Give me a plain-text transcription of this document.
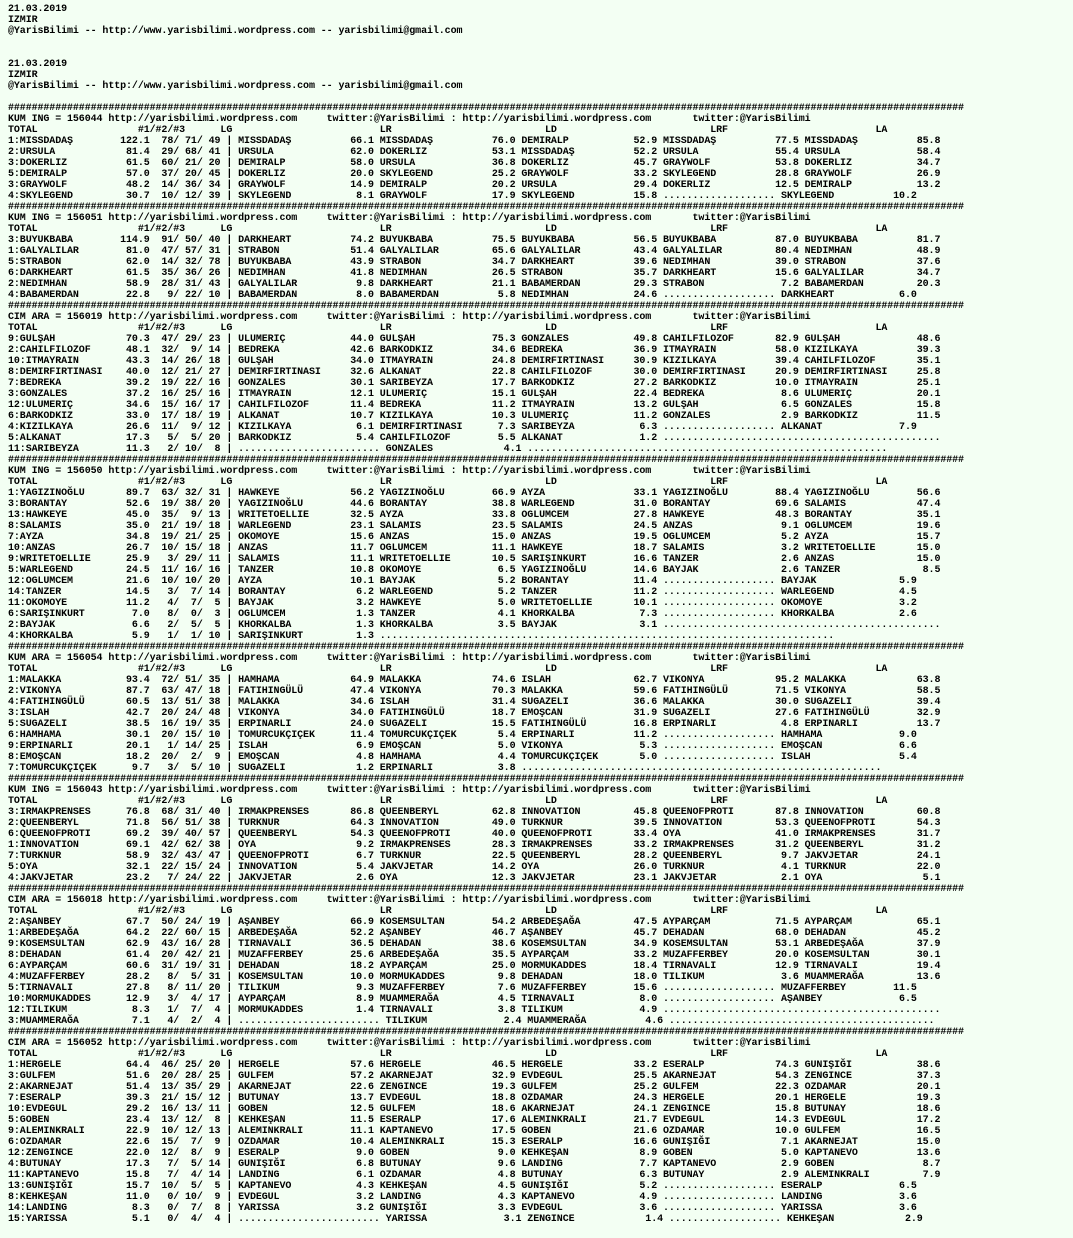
21.03.2019
IZMIR
@YarisBilimi -- http://www.yarisbilimi.wordpress.com -- yarisbilimi@gmail.com
21.03.2019
IZMIR
@YarisBilimi -- http://www.yarisbilimi.wordpress.com -- yarisbilimi@gmail.com
##################################################################################################################################################################
KUM ING = 156044 http://yarisbilimi.wordpress.com     twitter:@YarisBilimi : http://yarisbilimi.wordpress.com       twitter:@YarisBilimi
TOTAL                 #1/#2/#3      LG                         LR                          LD                          LRF                         LA
1:MISSDADAŞ        122.1  78/ 71/ 49 | MISSDADAŞ          66.1 MISSDADAŞ          76.0 DEMIRALP           52.9 MISSDADAŞ          77.5 MISSDADAŞ          85.8
2:URSULA            81.4  29/ 68/ 41 | URSULA             62.0 DOKERLIZ           53.1 MISSDADAŞ          52.2 URSULA             55.4 URSULA             58.4
3:DOKERLIZ          61.5  60/ 21/ 20 | DEMIRALP           58.0 URSULA             36.8 DOKERLIZ           45.7 GRAYWOLF           53.8 DOKERLIZ           34.7
5:DEMIRALP          57.0  37/ 20/ 45 | DOKERLIZ           20.0 SKYLEGEND          25.2 GRAYWOLF           33.2 SKYLEGEND          28.8 GRAYWOLF           26.9
3:GRAYWOLF          48.2  14/ 36/ 34 | GRAYWOLF           14.9 DEMIRALP           20.2 URSULA             29.4 DOKERLIZ           12.5 DEMIRALP           13.2
4:SKYLEGEND         30.7  10/ 12/ 39 | SKYLEGEND           8.1 GRAYWOLF           17.9 SKYLEGEND          15.8 ................... SKYLEGEND          10.2
##################################################################################################################################################################
KUM ING = 156051 http://yarisbilimi.wordpress.com     twitter:@YarisBilimi : http://yarisbilimi.wordpress.com       twitter:@YarisBilimi
TOTAL                 #1/#2/#3      LG                         LR                          LD                          LRF                         LA
3:BUYUKBABA        114.9  91/ 50/ 40 | DARKHEART          74.2 BUYUKBABA          75.5 BUYUKBABA          56.5 BUYUKBABA          87.0 BUYUKBABA          81.7
1:GALYALILAR        81.0  47/ 57/ 31 | STRABON            51.4 GALYALILAR         65.6 GALYALILAR         43.4 GALYALILAR         80.4 NEDIMHAN           48.9
5:STRABON           62.0  14/ 32/ 78 | BUYUKBABA          43.9 STRABON            34.7 DARKHEART          39.6 NEDIMHAN           39.0 STRABON            37.6
6:DARKHEART         61.5  35/ 36/ 26 | NEDIMHAN           41.8 NEDIMHAN           26.5 STRABON            35.7 DARKHEART          15.6 GALYALILAR         34.7
2:NEDIMHAN          58.9  28/ 31/ 43 | GALYALILAR          9.8 DARKHEART          21.1 BABAMERDAN         29.3 STRABON             7.2 BABAMERDAN         20.3
4:BABAMERDAN        22.8   9/ 22/ 10 | BABAMERDAN          8.0 BABAMERDAN          5.8 NEDIMHAN           24.6 ................... DARKHEART           6.0
##################################################################################################################################################################
CIM ARA = 156019 http://yarisbilimi.wordpress.com     twitter:@YarisBilimi : http://yarisbilimi.wordpress.com       twitter:@YarisBilimi
TOTAL                 #1/#2/#3      LG                         LR                          LD                          LRF                         LA
9:GULŞAH            70.3  47/ 29/ 23 | ULUMERIÇ           44.0 GULŞAH             75.3 GONZALES           49.8 CAHILFILOZOF       82.9 GULŞAH             48.6
2:CAHILFILOZOF      48.1  32/  9/ 14 | BEDREKA            42.6 BARKODKIZ          34.6 BEDREKA            36.9 ITMAYRAIN          58.0 KIZILKAYA          39.3
10:ITMAYRAIN        43.3  14/ 26/ 18 | GULŞAH             34.0 ITMAYRAIN          24.8 DEMIRFIRTINASI     30.9 KIZILKAYA          39.4 CAHILFILOZOF       35.1
8:DEMIRFIRTINASI    40.0  12/ 21/ 27 | DEMIRFIRTINASI     32.6 ALKANAT            22.8 CAHILFILOZOF       30.0 DEMIRFIRTINASI     20.9 DEMIRFIRTINASI     25.8
7:BEDREKA           39.2  19/ 22/ 16 | GONZALES           30.1 SARIBEYZA          17.7 BARKODKIZ          27.2 BARKODKIZ          10.0 ITMAYRAIN          25.1
3:GONZALES          37.2  16/ 25/ 16 | ITMAYRAIN          12.1 ULUMERIÇ           15.1 GULŞAH             22.4 BEDREKA             8.6 ULUMERIÇ           20.1
12:ULUMERIÇ         34.6  15/ 16/ 17 | CAHILFILOZOF       11.4 BEDREKA            11.2 ITMAYRAIN          13.2 GULŞAH              6.5 GONZALES           15.8
6:BARKODKIZ         33.0  17/ 18/ 19 | ALKANAT            10.7 KIZILKAYA          10.3 ULUMERIÇ           11.2 GONZALES            2.9 BARKODKIZ          11.5
4:KIZILKAYA         26.6  11/  9/ 12 | KIZILKAYA           6.1 DEMIRFIRTINASI      7.3 SARIBEYZA           6.3 ................... ALKANAT             7.9
5:ALKANAT           17.3   5/  5/ 20 | BARKODKIZ           5.4 CAHILFILOZOF        5.5 ALKANAT             1.2 ...............................................
11:SARIBEYZA        11.3   2/ 10/  8 | ........................ GONZALES            4.1 .............................................................
##################################################################################################################################################################
KUM ING = 156050 http://yarisbilimi.wordpress.com     twitter:@YarisBilimi : http://yarisbilimi.wordpress.com       twitter:@YarisBilimi
TOTAL                 #1/#2/#3      LG                         LR                          LD                          LRF                         LA
1:YAGIZINOĞLU       89.7  63/ 32/ 31 | HAWKEYE            56.2 YAGIZINOĞLU        66.9 AYZA               33.1 YAGIZINOĞLU        88.4 YAGIZINOĞLU        56.6
3:BORANTAY          52.6  19/ 38/ 20 | YAGIZINOĞLU        44.6 BORANTAY           38.8 WARLEGEND          31.0 BORANTAY           69.6 SALAMIS            47.4
13:HAWKEYE          45.0  35/  9/ 13 | WRITETOELLIE       32.5 AYZA               33.8 OGLUMCEM           27.8 HAWKEYE            48.3 BORANTAY           35.1
8:SALAMIS           35.0  21/ 19/ 18 | WARLEGEND          23.1 SALAMIS            23.5 SALAMIS            24.5 ANZAS               9.1 OGLUMCEM           19.6
7:AYZA              34.8  19/ 21/ 25 | OKOMOYE            15.6 ANZAS              15.0 ANZAS              19.5 OGLUMCEM            5.2 AYZA               15.7
10:ANZAS            26.7  10/ 15/ 18 | ANZAS              11.7 OGLUMCEM           11.1 HAWKEYE            18.7 SALAMIS             3.2 WRITETOELLIE       15.0
9:WRITETOELLIE      25.9   3/ 29/ 11 | SALAMIS            11.1 WRITETOELLIE       10.5 SARIŞINKURT        16.6 TANZER              2.6 ANZAS              15.0
5:WARLEGEND         24.5  11/ 16/ 16 | TANZER             10.8 OKOMOYE             6.5 YAGIZINOĞLU        14.6 BAYJAK              2.6 TANZER              8.5
12:OGLUMCEM         21.6  10/ 10/ 20 | AYZA               10.1 BAYJAK              5.2 BORANTAY           11.4 ................... BAYJAK              5.9
14:TANZER           14.5   3/  7/ 14 | BORANTAY            6.2 WARLEGEND           5.2 TANZER             11.2 ................... WARLEGEND           4.5
11:OKOMOYE          11.2   4/  7/  5 | BAYJAK              3.2 HAWKEYE             5.0 WRITETOELLIE       10.1 ................... OKOMOYE             3.2
6:SARIŞINKURT        7.0   8/  0/  3 | OGLUMCEM            1.3 TANZER              4.1 KHORKALBA           7.3 ................... KHORKALBA           2.6
2:BAYJAK             6.6   2/  5/  5 | KHORKALBA           1.3 KHORKALBA           3.5 BAYJAK              3.1 ...............................................
4:KHORKALBA          5.9   1/  1/ 10 | SARIŞINKURT         1.3 .............................................................................
##################################################################################################################################################################
KUM ARA = 156054 http://yarisbilimi.wordpress.com     twitter:@YarisBilimi : http://yarisbilimi.wordpress.com       twitter:@YarisBilimi
TOTAL                 #1/#2/#3      LG                         LR                          LD                          LRF                         LA
1:MALAKKA           93.4  72/ 51/ 35 | HAMHAMA            64.9 MALAKKA            74.6 ISLAH              62.7 VIKONYA            95.2 MALAKKA            63.8
2:VIKONYA           87.7  63/ 47/ 18 | FATIHINGÜLÜ        47.4 VIKONYA            70.3 MALAKKA            59.6 FATIHINGÜLÜ        71.5 VIKONYA            58.5
4:FATIHINGÜLÜ       60.5  13/ 51/ 38 | MALAKKA            34.6 ISLAH              31.4 SUGAZELI           36.6 MALAKKA            30.0 SUGAZELI           39.4
3:ISLAH             42.7  20/ 24/ 48 | VIKONYA            34.0 FATIHINGÜLÜ        18.7 EMOŞCAN            31.9 SUGAZELI           27.6 FATIHINGÜLÜ        32.9
5:SUGAZELI          38.5  16/ 19/ 35 | ERPINARLI          24.0 SUGAZELI           15.5 FATIHINGÜLÜ        16.8 ERPINARLI           4.8 ERPINARLI          13.7
6:HAMHAMA           30.1  20/ 15/ 10 | TOMURCUKÇIÇEK      11.4 TOMURCUKÇIÇEK       5.4 ERPINARLI          11.2 ................... HAMHAMA             9.0
9:ERPINARLI         20.1   1/ 14/ 25 | ISLAH               6.9 EMOŞCAN             5.0 VIKONYA             5.3 ................... EMOŞCAN             6.6
8:EMOŞCAN           18.2  20/  2/  9 | EMOŞCAN             4.8 HAMHAMA             4.4 TOMURCUKÇIÇEK       5.0 ................... ISLAH               5.4
7:TOMURCUKÇIÇEK      9.7   3/  5/ 10 | SUGAZELI            1.2 ERPINARLI           3.8 .............................................................
##################################################################################################################################################################
KUM ING = 156043 http://yarisbilimi.wordpress.com     twitter:@YarisBilimi : http://yarisbilimi.wordpress.com       twitter:@YarisBilimi
TOTAL                 #1/#2/#3      LG                         LR                          LD                          LRF                         LA
3:IRMAKPRENSES      76.8  68/ 31/ 40 | IRMAKPRENSES       86.8 QUEENBERYL         62.8 INNOVATION         45.8 QUEENOFPROTI       87.8 INNOVATION         60.8
2:QUEENBERYL        71.8  56/ 51/ 38 | TURKNUR            64.3 INNOVATION         49.0 TURKNUR            39.5 INNOVATION         53.3 QUEENOFPROTI       54.3
6:QUEENOFPROTI      69.2  39/ 40/ 57 | QUEENBERYL         54.3 QUEENOFPROTI       40.0 QUEENOFPROTI       33.4 OYA                41.0 IRMAKPRENSES       31.7
1:INNOVATION        69.1  42/ 62/ 38 | OYA                 9.2 IRMAKPRENSES       28.3 IRMAKPRENSES       33.2 IRMAKPRENSES       31.2 QUEENBERYL         31.2
7:TURKNUR           58.9  32/ 43/ 47 | QUEENOFPROTI        6.7 TURKNUR            22.5 QUEENBERYL         28.2 QUEENBERYL          9.7 JAKVJETAR          24.1
5:OYA               32.1  22/ 15/ 24 | INNOVATION          5.4 JAKVJETAR          14.2 OYA                26.0 TURKNUR             4.1 TURKNUR            22.0
4:JAKVJETAR         23.2   7/ 24/ 22 | JAKVJETAR           2.6 OYA                12.3 JAKVJETAR          23.1 JAKVJETAR           2.1 OYA                 5.1
##################################################################################################################################################################
CIM ARA = 156018 http://yarisbilimi.wordpress.com     twitter:@YarisBilimi : http://yarisbilimi.wordpress.com       twitter:@YarisBilimi
TOTAL                 #1/#2/#3      LG                         LR                          LD                          LRF                         LA
2:AŞANBEY           67.7  50/ 24/ 19 | AŞANBEY            66.9 KOSEMSULTAN        54.2 ARBEDEŞAĞA         47.5 AYPARÇAM           71.5 AYPARÇAM           65.1
1:ARBEDEŞAĞA        64.2  22/ 60/ 15 | ARBEDEŞAĞA         52.2 AŞANBEY            46.7 AŞANBEY            45.7 DEHADAN            68.0 DEHADAN            45.2
9:KOSEMSULTAN       62.9  43/ 16/ 28 | TIRNAVALI          36.5 DEHADAN            38.6 KOSEMSULTAN        34.9 KOSEMSULTAN        53.1 ARBEDEŞAĞA         37.9
8:DEHADAN           61.4  20/ 42/ 21 | MUZAFFERBEY        25.6 ARBEDEŞAĞA         35.5 AYPARÇAM           33.2 MUZAFFERBEY        20.0 KOSEMSULTAN        30.1
6:AYPARÇAM          60.6  31/ 19/ 31 | DEHADAN            18.2 AYPARÇAM           25.0 MORMUKADDES        18.4 TIRNAVALI          12.9 TIRNAVALI          19.4
4:MUZAFFERBEY       28.2   8/  5/ 31 | KOSEMSULTAN        10.0 MORMUKADDES         9.8 DEHADAN            18.0 TILIKUM             3.6 MUAMMERAĞA         13.6
5:TIRNAVALI         27.8   8/ 11/ 20 | TILIKUM             9.3 MUZAFFERBEY         7.6 MUZAFFERBEY        15.6 ................... MUZAFFERBEY        11.5
10:MORMUKADDES      12.9   3/  4/ 17 | AYPARÇAM            8.9 MUAMMERAĞA          4.5 TIRNAVALI           8.0 ................... AŞANBEY             6.5
12:TILIKUM           8.3   1/  7/  4 | MORMUKADDES         1.4 TIRNAVALI           3.8 TILIKUM             4.9 ...............................................
3:MUAMMERAĞA         7.1   4/  2/  4 | ........................ TILIKUM             2.4 MUAMMERAĞA          4.6 .............................................
##################################################################################################################################################################
CIM ARA = 156052 http://yarisbilimi.wordpress.com     twitter:@YarisBilimi : http://yarisbilimi.wordpress.com       twitter:@YarisBilimi
TOTAL                 #1/#2/#3      LG                         LR                          LD                          LRF                         LA
1:HERGELE           64.4  46/ 25/ 20 | HERGELE            57.6 HERGELE            46.5 HERGELE            33.2 ESERALP            74.3 GUNIŞIĞI           38.6
3:GULFEM            51.6  20/ 28/ 25 | GULFEM             57.2 AKARNEJAT          32.9 EVDEGUL            25.5 AKARNEJAT          54.3 ZENGINCE           37.3
2:AKARNEJAT         51.4  13/ 35/ 29 | AKARNEJAT          22.6 ZENGINCE           19.3 GULFEM             25.2 GULFEM             22.3 OZDAMAR            20.1
7:ESERALP           39.3  21/ 15/ 12 | BUTUNAY            13.7 EVDEGUL            18.8 OZDAMAR            24.3 HERGELE            20.1 HERGELE            19.3
10:EVDEGUL          29.2  16/ 13/ 11 | GOBEN              12.5 GULFEM             18.6 AKARNEJAT          24.1 ZENGINCE           15.8 BUTUNAY            18.6
5:GOBEN             23.4  13/ 12/  8 | KEHKEŞAN           11.5 ESERALP            17.6 ALEMINKRALI        21.7 EVDEGUL            14.3 EVDEGUL            17.2
9:ALEMINKRALI       22.9  10/ 12/ 13 | ALEMINKRALI        11.1 KAPTANEVO          17.5 GOBEN              21.6 OZDAMAR            10.0 GULFEM             16.5
6:OZDAMAR           22.6  15/  7/  9 | OZDAMAR            10.4 ALEMINKRALI        15.3 ESERALP            16.6 GUNIŞIĞI            7.1 AKARNEJAT          15.0
12:ZENGINCE         22.0  12/  8/  9 | ESERALP             9.0 GOBEN               9.0 KEHKEŞAN            8.9 GOBEN               5.0 KAPTANEVO          13.6
4:BUTUNAY           17.3   7/  5/ 14 | GUNIŞIĞI            6.8 BUTUNAY             9.6 LANDING             7.7 KAPTANEVO           2.9 GOBEN               8.7
11:KAPTANEVO        15.8   7/  4/ 14 | LANDING             6.1 OZDAMAR             4.8 BUTUNAY             6.3 BUTUNAY             2.9 ALEMINKRALI         7.9
13:GUNIŞIĞI         15.7  10/  5/  5 | KAPTANEVO           4.3 KEHKEŞAN            4.5 GUNIŞIĞI            5.2 ................... ESERALP             6.5
8:KEHKEŞAN          11.0   0/ 10/  9 | EVDEGUL             3.2 LANDING             4.3 KAPTANEVO           4.9 ................... LANDING             3.6
14:LANDING           8.3   0/  7/  8 | YARISSA             3.2 GUNIŞIĞI            3.3 EVDEGUL             3.6 ................... YARISSA             3.6
15:YARISSA           5.1   0/  4/  4 | ........................ YARISSA             3.1 ZENGINCE            1.4 ................... KEHKEŞAN            2.9
